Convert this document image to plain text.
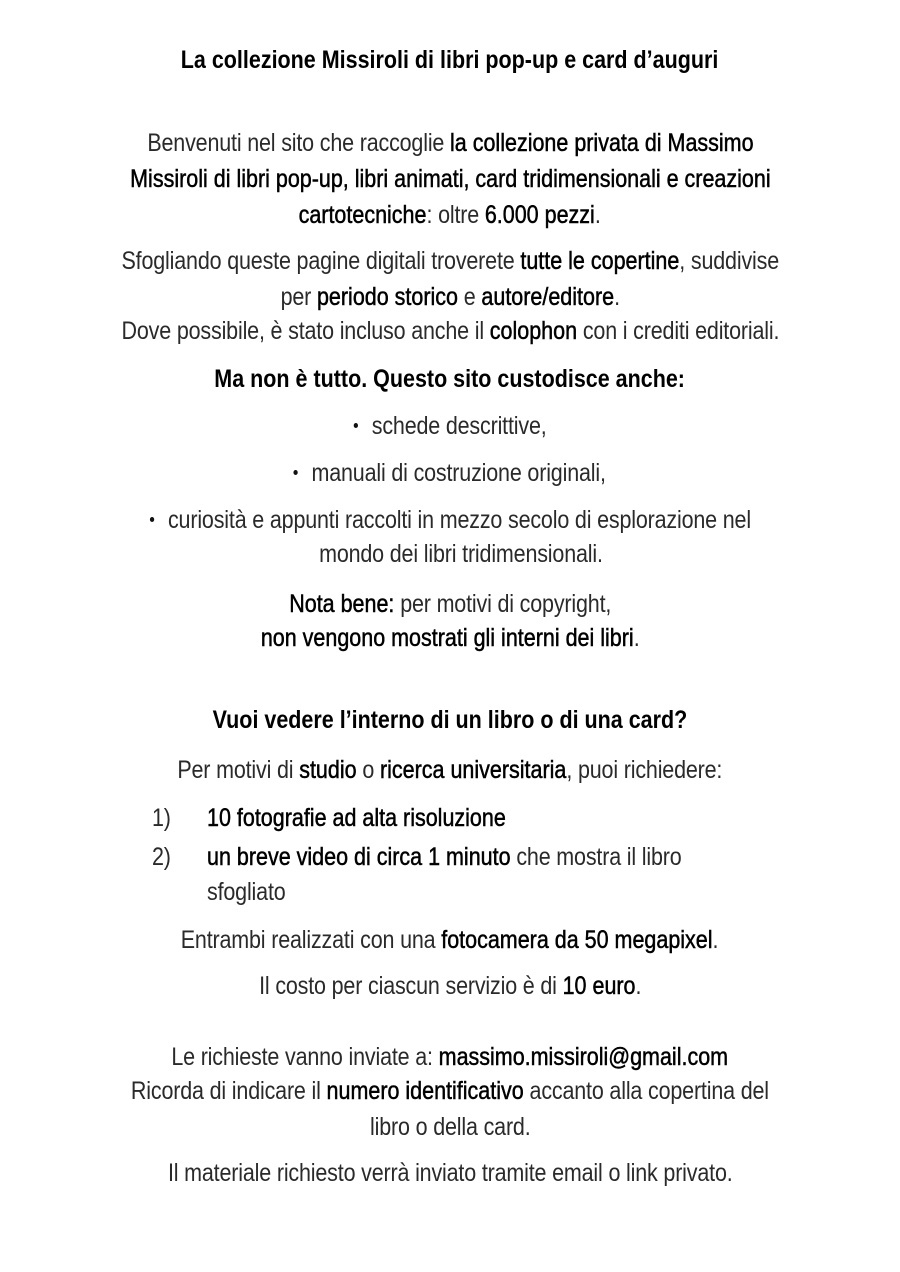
La collezione Missiroli di libri pop-up e card d’auguri
Benvenuti nel sito che raccoglie la collezione privata di Massimo
Missiroli di libri pop-up, libri animati, card tridimensionali e creazioni
cartotecniche: oltre 6.000 pezzi.
Sfogliando queste pagine digitali troverete tutte le copertine, suddivise
per periodo storico e autore/editore.
Dove possibile, è stato incluso anche il colophon con i crediti editoriali.
Ma non è tutto. Questo sito custodisce anche:
schede descrittive,
manuali di costruzione originali,
curiosità e appunti raccolti in mezzo secolo di esplorazione nel
mondo dei libri tridimensionali.
Nota bene: per motivi di copyright,
non vengono mostrati gli interni dei libri.
Vuoi vedere l’interno di un libro o di una card?
Per motivi di studio o ricerca universitaria, puoi richiedere:
1) 10 fotografie ad alta risoluzione
2) un breve video di circa 1 minuto che mostra il libro
sfogliato
Entrambi realizzati con una fotocamera da 50 megapixel.
Il costo per ciascun servizio è di 10 euro.
Le richieste vanno inviate a: massimo.missiroli@gmail.com
Ricorda di indicare il numero identificativo accanto alla copertina del
libro o della card.
Il materiale richiesto verrà inviato tramite email o link privato.
